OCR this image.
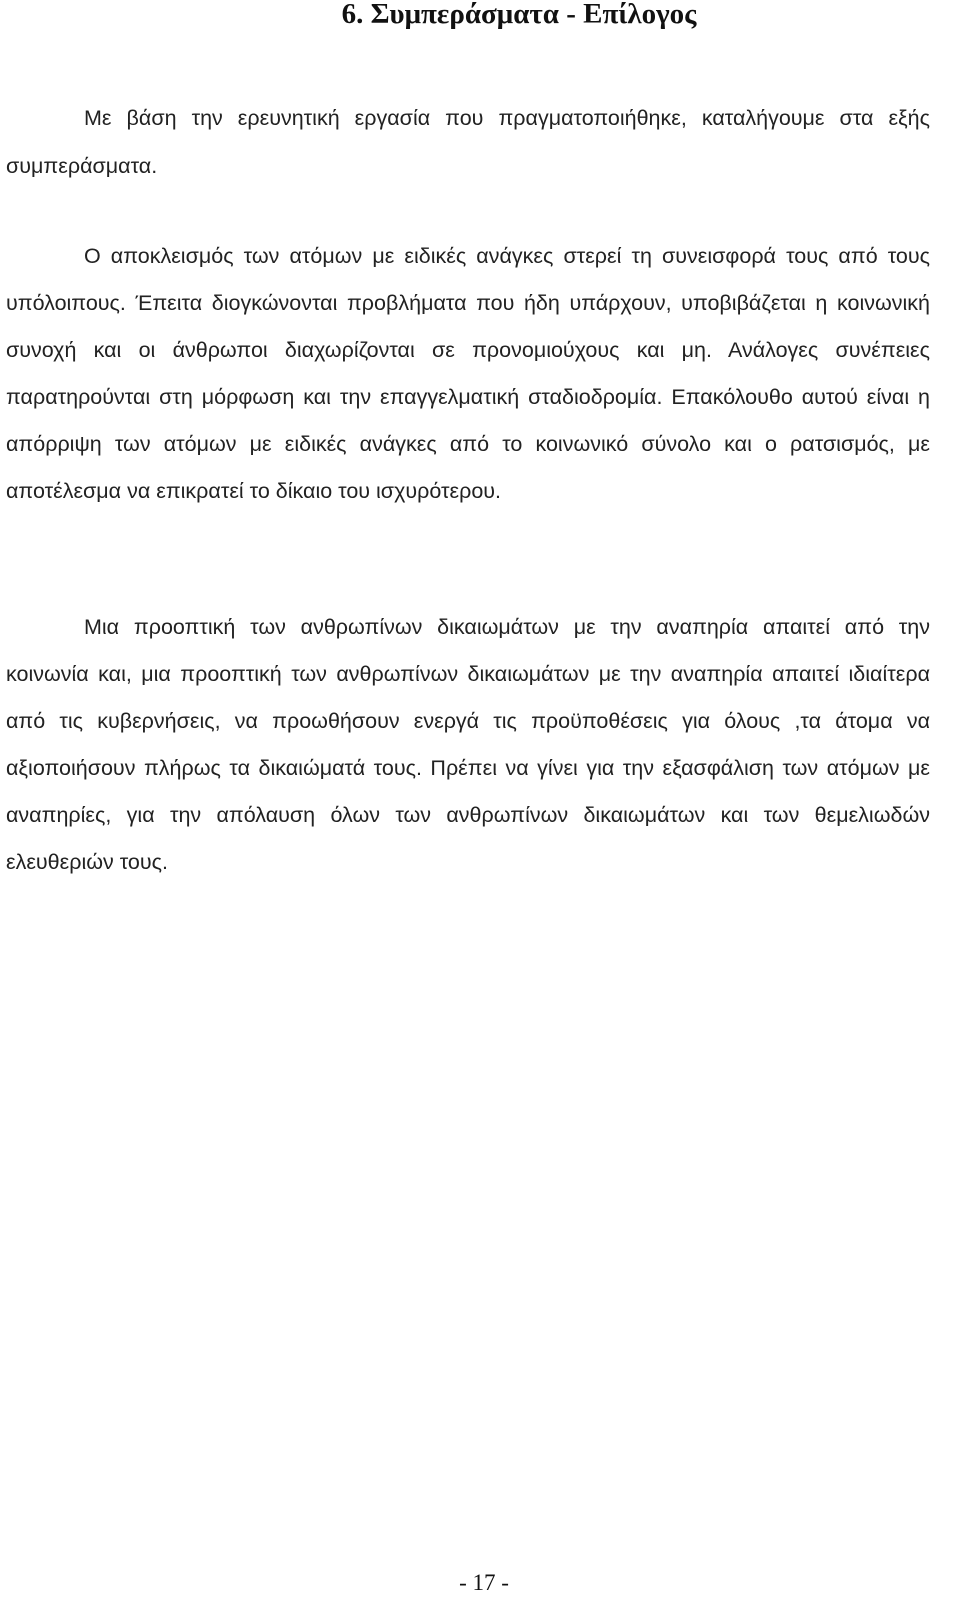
6. Συμπεράσματα - Επίλογος

Με βάση την ερευνητική εργασία που πραγματοποιήθηκε, καταλήγουμε στα εξής συμπεράσματα.

Ο αποκλεισμός των ατόμων με ειδικές ανάγκες στερεί τη συνεισφορά τους από τους υπόλοιπους. Έπειτα διογκώνονται προβλήματα που ήδη υπάρχουν, υποβιβάζεται η κοινωνική συνοχή και οι άνθρωποι διαχωρίζονται σε προνομιούχους και μη. Ανάλογες συνέπειες παρατηρούνται στη μόρφωση και την επαγγελματική σταδιοδρομία. Επακόλουθο αυτού είναι η απόρριψη των ατόμων με ειδικές ανάγκες από το κοινωνικό σύνολο και ο ρατσισμός, με αποτέλεσμα να επικρατεί το δίκαιο του ισχυρότερου.

Μια προοπτική των ανθρωπίνων δικαιωμάτων με την αναπηρία απαιτεί από την κοινωνία και, μια προοπτική των ανθρωπίνων δικαιωμάτων με την αναπηρία απαιτεί ιδιαίτερα από τις κυβερνήσεις, να προωθήσουν ενεργά τις προϋποθέσεις για όλους ,τα άτομα να αξιοποιήσουν πλήρως τα δικαιώματά τους. Πρέπει να γίνει για την εξασφάλιση των ατόμων με αναπηρίες, για την απόλαυση όλων των ανθρωπίνων δικαιωμάτων και των θεμελιωδών ελευθεριών τους.

- 17 -
